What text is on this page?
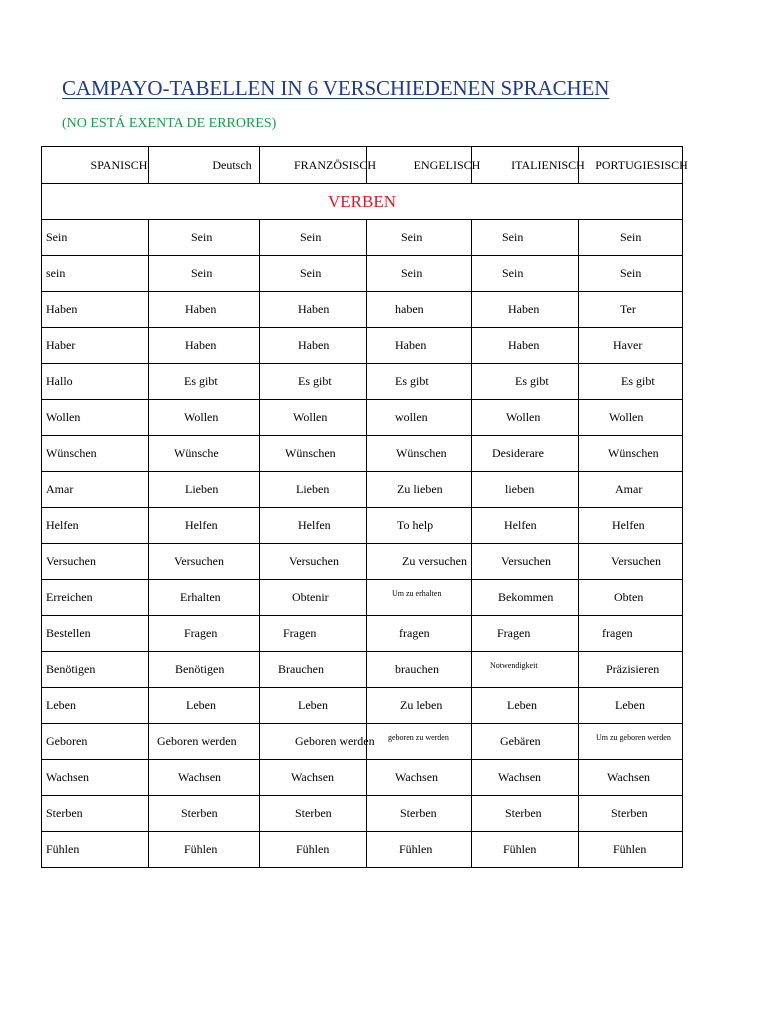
CAMPAYO-TABELLEN IN 6 VERSCHIEDENEN SPRACHEN

(NO ESTÁ EXENTA DE ERRORES)

SPANISCH	Deutsch	FRANZÖSISCH	ENGELISCH	ITALIENISCH	PORTUGIESISCH

VERBEN					

Sein	Sein	Sein	Sein	Sein	Sein

sein	Sein	Sein	Sein	Sein	Sein

Haben	Haben	Haben	haben	Haben	Ter

Haber	Haben	Haben	Haben	Haben	Haver

Hallo	Es gibt	Es gibt	Es gibt	Es gibt	Es gibt

Wollen	Wollen	Wollen	wollen	Wollen	Wollen

Wünschen	Wünsche	Wünschen	Wünschen	Desiderare	Wünschen

Amar	Lieben	Lieben	Zu lieben	lieben	Amar

Helfen	Helfen	Helfen	To help	Helfen	Helfen

Versuchen	Versuchen	Versuchen	Zu versuchen	Versuchen	Versuchen

Erreichen	Erhalten	Obtenir	Um zu erhalten	Bekommen	Obten

Bestellen	Fragen	Fragen	fragen	Fragen	fragen

Benötigen	Benötigen	Brauchen	brauchen	Notwendigkeit	Präzisieren

Leben	Leben	Leben	Zu leben	Leben	Leben

Geboren	Geboren werden	Geboren werden	geboren zu werden	Gebären	Um zu geboren werden

Wachsen	Wachsen	Wachsen	Wachsen	Wachsen	Wachsen

Sterben	Sterben	Sterben	Sterben	Sterben	Sterben

Fühlen	Fühlen	Fühlen	Fühlen	Fühlen	Fühlen
